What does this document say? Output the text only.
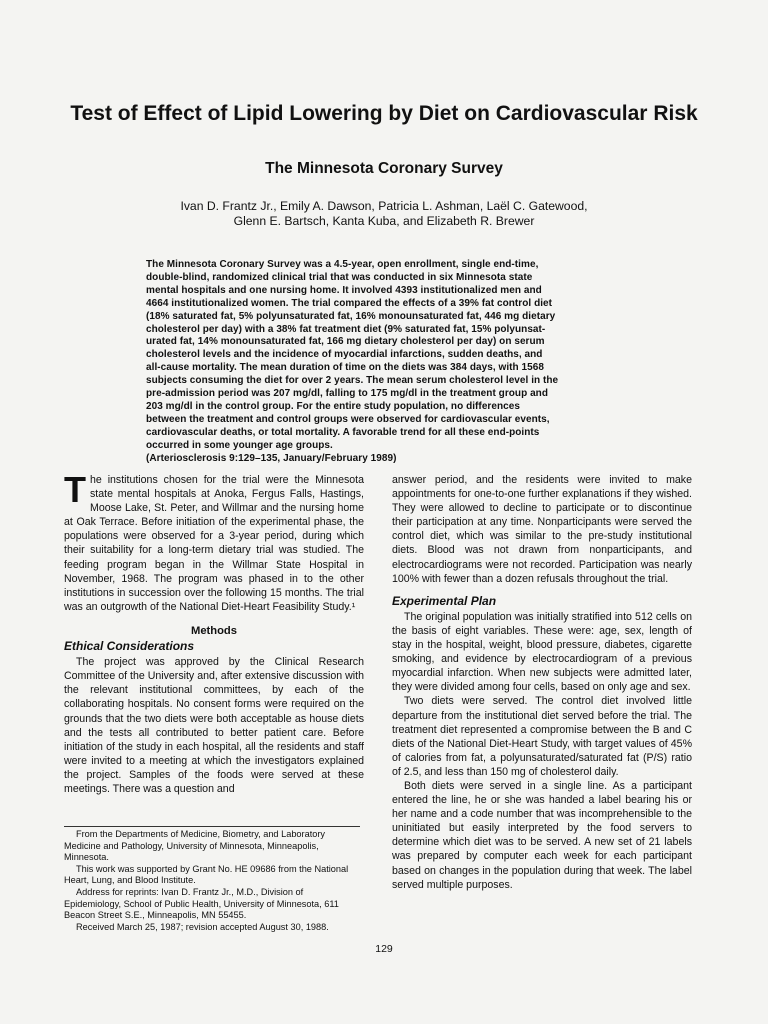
Test of Effect of Lipid Lowering by Diet on Cardiovascular Risk
The Minnesota Coronary Survey
Ivan D. Frantz Jr., Emily A. Dawson, Patricia L. Ashman, Laël C. Gatewood,
Glenn E. Bartsch, Kanta Kuba, and Elizabeth R. Brewer
The Minnesota Coronary Survey was a 4.5-year, open enrollment, single end-time,
double-blind, randomized clinical trial that was conducted in six Minnesota state
mental hospitals and one nursing home. It involved 4393 institutionalized men and
4664 institutionalized women. The trial compared the effects of a 39% fat control diet
(18% saturated fat, 5% polyunsaturated fat, 16% monounsaturated fat, 446 mg dietary
cholesterol per day) with a 38% fat treatment diet (9% saturated fat, 15% polyunsat-
urated fat, 14% monounsaturated fat, 166 mg dietary cholesterol per day) on serum
cholesterol levels and the incidence of myocardial infarctions, sudden deaths, and
all-cause mortality. The mean duration of time on the diets was 384 days, with 1568
subjects consuming the diet for over 2 years. The mean serum cholesterol level in the
pre-admission period was 207 mg/dl, falling to 175 mg/dl in the treatment group and
203 mg/dl in the control group. For the entire study population, no differences
between the treatment and control groups were observed for cardiovascular events,
cardiovascular deaths, or total mortality. A favorable trend for all these end-points
occurred in some younger age groups.
(Arteriosclerosis 9:129–135, January/February 1989)

The institutions chosen for the trial were the Minnesota state mental hospitals at Anoka, Fergus Falls, Hastings, Moose Lake, St. Peter, and Willmar and the nursing home at Oak Terrace. Before initiation of the experimental phase, the populations were observed for a 3-year period, during which their suitability for a long-term dietary trial was studied. The feeding program began in the Willmar State Hospital in November, 1968. The program was phased in to the other institutions in succession over the following 15 months. The trial was an outgrowth of the National Diet-Heart Feasibility Study.¹

Methods
Ethical Considerations

The project was approved by the Clinical Research Committee of the University and, after extensive discussion with the relevant institutional committees, by each of the collaborating hospitals. No consent forms were required on the grounds that the two diets were both acceptable as house diets and the tests all contributed to better patient care. Before initiation of the study in each hospital, all the residents and staff were invited to a meeting at which the investigators explained the project. Samples of the foods were served at these meetings. There was a question and

answer period, and the residents were invited to make appointments for one-to-one further explanations if they wished. They were allowed to decline to participate or to discontinue their participation at any time. Nonparticipants were served the control diet, which was similar to the pre-study institutional diets. Blood was not drawn from nonparticipants, and electrocardiograms were not recorded. Participation was nearly 100% with fewer than a dozen refusals throughout the trial.

Experimental Plan

The original population was initially stratified into 512 cells on the basis of eight variables. These were: age, sex, length of stay in the hospital, weight, blood pressure, diabetes, cigarette smoking, and evidence by electrocardiogram of a previous myocardial infarction. When new subjects were admitted later, they were divided among four cells, based on only age and sex.

Two diets were served. The control diet involved little departure from the institutional diet served before the trial. The treatment diet represented a compromise between the B and C diets of the National Diet-Heart Study, with target values of 45% of calories from fat, a polyunsaturated/saturated fat (P/S) ratio of 2.5, and less than 150 mg of cholesterol daily.

Both diets were served in a single line. As a participant entered the line, he or she was handed a label bearing his or her name and a code number that was incomprehensible to the uninitiated but easily interpreted by the food servers to determine which diet was to be served. A new set of 21 labels was prepared by computer each week for each participant based on changes in the population during that week. The label served multiple purposes.

From the Departments of Medicine, Biometry, and Laboratory Medicine and Pathology, University of Minnesota, Minneapolis, Minnesota.

This work was supported by Grant No. HE 09686 from the National Heart, Lung, and Blood Institute.

Address for reprints: Ivan D. Frantz Jr., M.D., Division of Epidemiology, School of Public Health, University of Minnesota, 611 Beacon Street S.E., Minneapolis, MN 55455.

Received March 25, 1987; revision accepted August 30, 1988.

129
